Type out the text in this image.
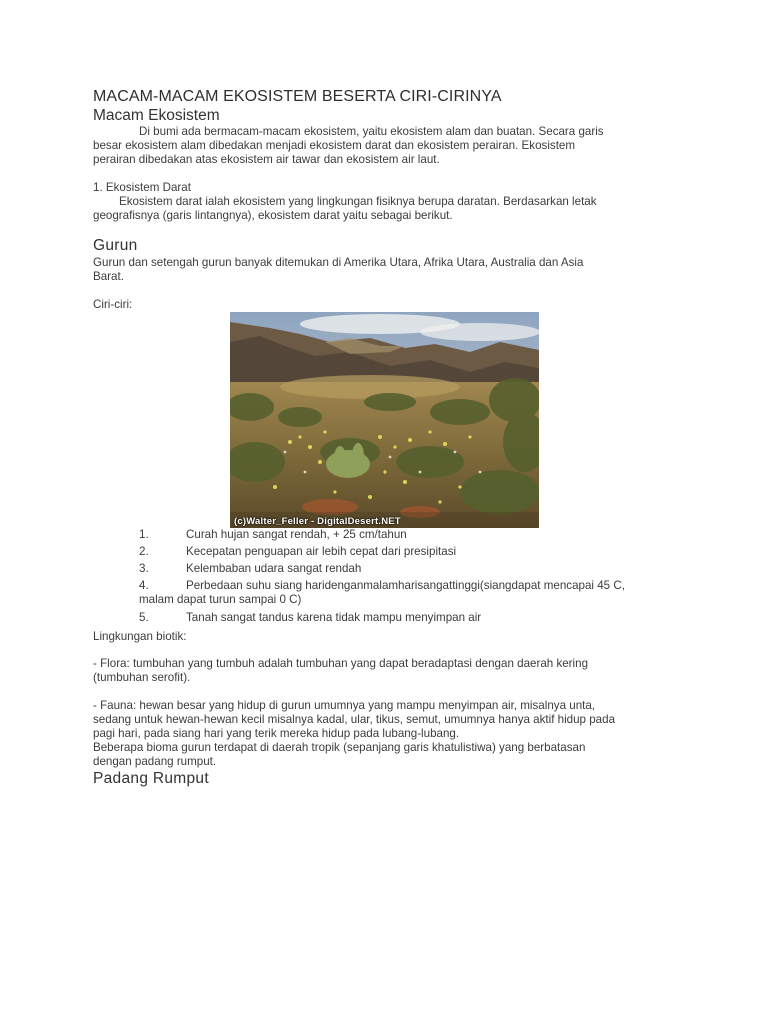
MACAM-MACAM EKOSISTEM BESERTA CIRI-CIRINYA
Macam Ekosistem
Di bumi ada bermacam-macam ekosistem, yaitu ekosistem alam dan buatan. Secara garis
besar ekosistem alam dibedakan menjadi ekosistem darat dan ekosistem perairan. Ekosistem
perairan dibedakan atas ekosistem air tawar dan ekosistem air laut.
1. Ekosistem Darat
Ekosistem darat ialah ekosistem yang lingkungan fisiknya berupa daratan. Berdasarkan letak
geografisnya (garis lintangnya), ekosistem darat yaitu sebagai berikut.
Gurun
Gurun dan setengah gurun banyak ditemukan di Amerika Utara, Afrika Utara, Australia dan Asia
Barat.
Ciri-ciri:
(c)Walter_Feller - DigitalDesert.NET
1.	Curah hujan sangat rendah, + 25 cm/tahun
2.	Kecepatan penguapan air lebih cepat dari presipitasi
3.	Kelembaban udara sangat rendah
4.	Perbedaan suhu siang haridenganmalamharisangattinggi(siangdapat mencapai 45 C,
malam dapat turun sampai 0 C)
5.	Tanah sangat tandus karena tidak mampu menyimpan air
Lingkungan biotik:
- Flora: tumbuhan yang tumbuh adalah tumbuhan yang dapat beradaptasi dengan daerah kering
(tumbuhan serofit).
- Fauna: hewan besar yang hidup di gurun umumnya yang mampu menyimpan air, misalnya unta,
sedang untuk hewan-hewan kecil misalnya kadal, ular, tikus, semut, umumnya hanya aktif hidup pada
pagi hari, pada siang hari yang terik mereka hidup pada lubang-lubang.
Beberapa bioma gurun terdapat di daerah tropik (sepanjang garis khatulistiwa) yang berbatasan
dengan padang rumput.
Padang Rumput
